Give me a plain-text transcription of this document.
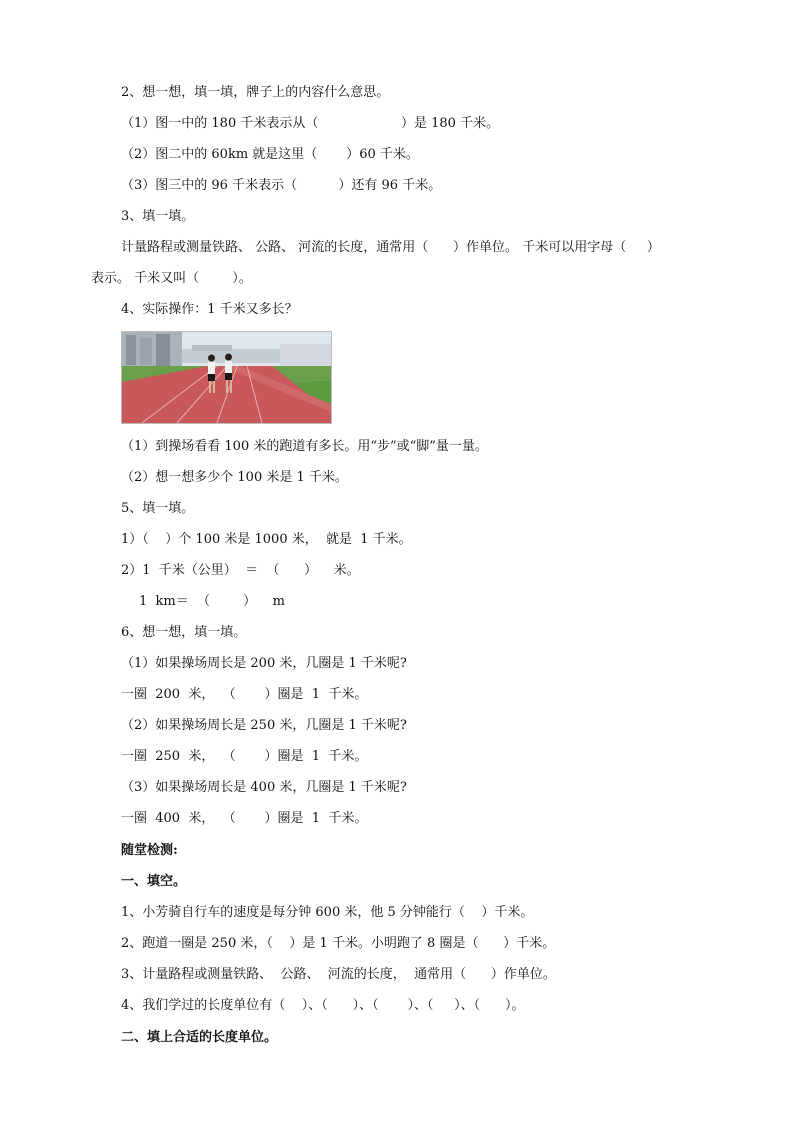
2、想一想，填一填，牌子上的内容什么意思。

（1）图一中的 180 千米表示从（                    ）是 180 千米。

（2）图二中的 60km 就是这里（       ）60 千米。

（3）图三中的 96 千米表示（          ）还有 96 千米。

3、填一填。

计量路程或测量铁路、 公路、 河流的长度，通常用（      ）作单位。 千米可以用字母（     ）

表示。 千米又叫（        ）。

4、实际操作：1 千米又多长？

（1）到操场看看 100 米的跑道有多长。用“步”或“脚”量一量。

（2）想一想多少个 100 米是 1 千米。

5、填一填。

1）（    ）个 100 米是 1000 米，  就是  1 千米。

2）1  千米（公里）  ＝  （      ）    米。

1  km＝  （        ）    m

6、想一想，填一填。

（1）如果操场周长是 200 米，几圈是 1 千米呢?

一圈  200  米，  （       ）圈是  1  千米。

（2）如果操场周长是 250 米，几圈是 1 千米呢?

一圈  250  米，  （       ）圈是  1  千米。

（3）如果操场周长是 400 米，几圈是 1 千米呢?

一圈  400  米，  （       ）圈是  1  千米。

随堂检测:

一、填空。

1、小芳骑自行车的速度是每分钟 600 米，他 5 分钟能行（    ）千米。

2、跑道一圈是 250 米，（    ）是 1 千米。小明跑了 8 圈是（      ）千米。

3、计量路程或测量铁路、  公路、  河流的长度，  通常用（      ）作单位。

4、我们学过的长度单位有（    ）、（      ）、（       ）、（     ）、（      ）。

二、填上合适的长度单位。
